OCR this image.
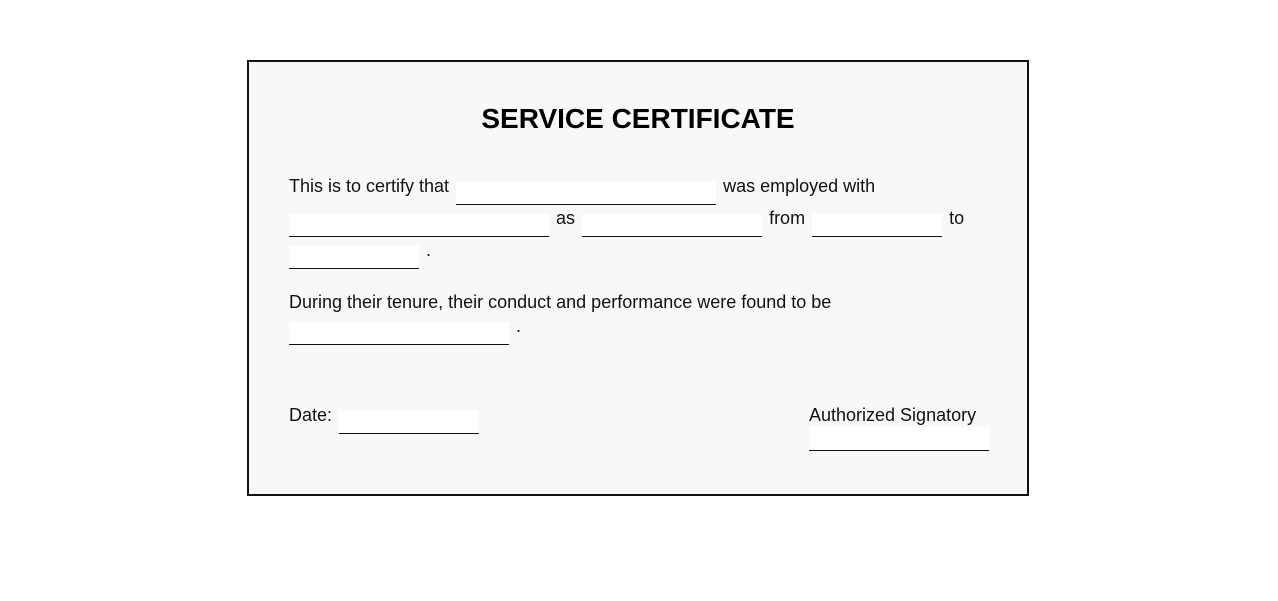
SERVICE CERTIFICATE
This is to certify that	was employed with
as	from	to
.
During their tenure, their conduct and performance were found to be
.
Date:	Authorized Signatory
